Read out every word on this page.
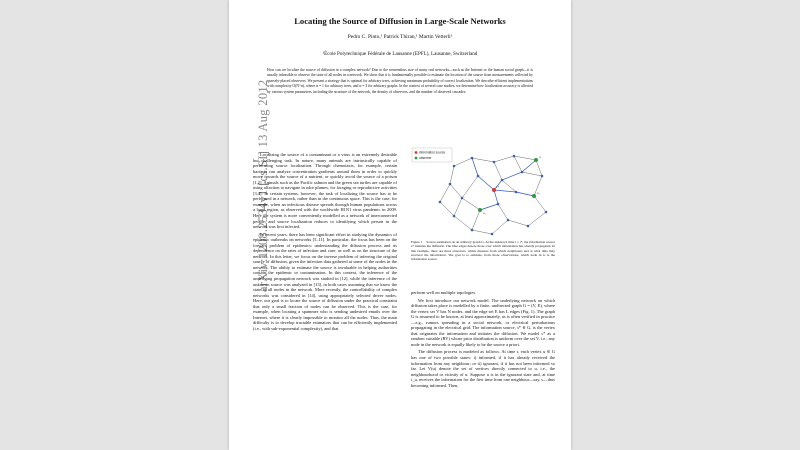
arXiv:1208.2534v1 [cs.SI] 13 Aug 2012
Locating the Source of Diffusion in Large-Scale Networks
Pedro C. Pinto,¹ Patrick Thiran,¹ Martin Vetterli¹
¹École Polytechnique Fédérale de Lausanne (EPFL), Lausanne, Switzerland
How can we localize the source of diffusion in a complex network? Due to the tremendous size of many real networks—such as the Internet or the human social graph—it is usually infeasible to observe the state of all nodes in a network. We show that it is fundamentally possible to estimate the location of the source from measurements collected by sparsely-placed observers. We present a strategy that is optimal for arbitrary trees, achieving maximum probability of correct localization. We describe efficient implementations with complexity O(N^α), where α = 1 for arbitrary trees, and α = 3 for arbitrary graphs. In the context of several case studies, we determine how localization accuracy is affected by various system parameters, including the structure of the network, the density of observers, and the number of observed cascades.

Localizing the source of a contaminant or a virus is an extremely desirable but challenging task. In nature, many animals are intrinsically capable of performing source localization. Through chemotaxis, for example, certain bacteria can analyze concentration gradients around them in order to quickly move towards the source of a nutrient, or quickly avoid the source of a poison [1,2]. Animals such as the Pacific salmon and the green sea turtles are capable of using olfaction to navigate in odor plumes, for foraging or reproductive activities [3,4]. In certain systems, however, the task of localizing the source has to be performed in a network, rather than in the continuous space. This is the case, for example, when an infectious disease spreads through human populations across a large region, as observed with the worldwide H1N1 virus pandemic in 2009. Here the system is more conveniently modelled as a network of interconnected people, and source localization reduces to identifying which person in the network was first infected.

In recent years, there has been significant effort in studying the dynamics of epidemic outbreaks on networks [5–11]. In particular, the focus has been on the forward problem of epidemics: understanding the diffusion process and its dependence on the rates of infection and cure, as well as on the structure of the network. In this letter, we focus on the inverse problem of inferring the original source of diffusion, given the infection data gathered at some of the nodes in the network. The ability to estimate the source is invaluable in helping authorities contain the epidemic or contamination. In this context, the inference of the underlying propagation network was studied in [12], while the inference of the unknown source was analyzed in [13], in both cases assuming that we know the state of all nodes in the network. More recently, the controllability of complex networks was considered in [14], using appropriately selected driver nodes. Here, our goal is to locate the source of diffusion under the practical constraint that only a small fraction of nodes can be observed. This is the case, for example, when locating a spammer who is sending undesired emails over the Internet, where it is clearly impossible to monitor all the nodes. Thus, the main difficulty is to develop tractable estimators that can be efficiently implemented (i.e., with sub-exponential complexity), and that

information source
observer	o₁
o₂
o₃
s*
Figure 1 Source estimation on an arbitrary graph G. At the unknown time t = t*, the information source s* initiates the diffusion. The blue edges denote those over which information has already propagated. In this example, there are three observers, which measure from which neighbours and at what time they received the information. The goal is to estimate, from those observations, which node in G is the information source.

perform well on multiple topologies.

We first introduce our network model. The underlying network on which diffusion takes place is modelled by a finite, undirected graph G = (V, E), where the vertex set V has N nodes, and the edge set E has L edges (Fig. 1). The graph G is assumed to be known, at least approximately, as is often verified in practice—e.g., rumors spreading in a social network, or electrical perturbations propagating in the electrical grid. The information source, s* ∈ G, is the vertex that originates the information and initiates the diffusion. We model s* as a random variable (RV) whose prior distribution is uniform over the set V, i.e., any node in the network is equally likely to be the source a priori.

The diffusion process is modeled as follows. At time t, each vertex u ∈ G has one of two possible states: i) informed, if it has already received the information from any neighbour; or ii) ignorant, if it has not been informed so far. Let V(u) denote the set of vertices directly connected to u, i.e., the neighbourhood or vicinity of u. Suppose u is in the ignorant state and, at time t_u, receives the information for the first time from one neighbour—say, s—thus becoming informed. Then,
